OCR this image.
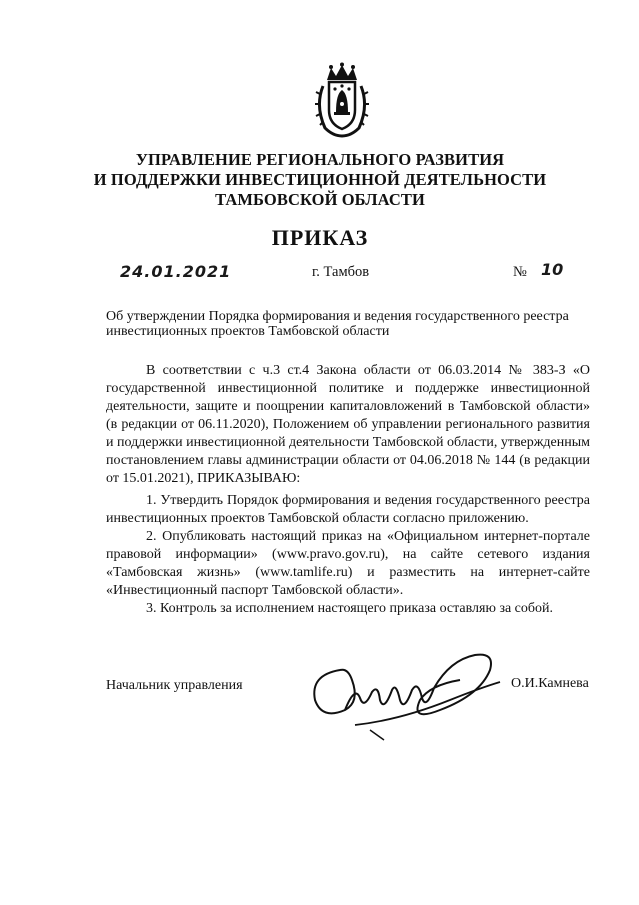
УПРАВЛЕНИЕ РЕГИОНАЛЬНОГО РАЗВИТИЯ
И ПОДДЕРЖКИ ИНВЕСТИЦИОННОЙ ДЕЯТЕЛЬНОСТИ
ТАМБОВСКОЙ ОБЛАСТИ
ПРИКАЗ
24.01.2021	г. Тамбов	№ 10
Об утверждении Порядка формирования и ведения государственного реестра
инвестиционных проектов Тамбовской области

В соответствии с ч.3 ст.4 Закона области от 06.03.2014 № 383-З «О государственной инвестиционной политике и поддержке инвестиционной деятельности, защите и поощрении капиталовложений в Тамбовской области» (в редакции от 06.11.2020), Положением об управлении регионального развития и поддержки инвестиционной деятельности Тамбовской области, утвержденным постановлением главы администрации области от 04.06.2018 № 144 (в редакции от 15.01.2021), ПРИКАЗЫВАЮ:

1. Утвердить Порядок формирования и ведения государственного реестра инвестиционных проектов Тамбовской области согласно приложению.

2. Опубликовать настоящий приказ на «Официальном интернет-портале правовой информации» (www.pravo.gov.ru), на сайте сетевого издания «Тамбовская жизнь» (www.tamlife.ru) и разместить на интернет-сайте «Инвестиционный паспорт Тамбовской области».

3. Контроль за исполнением настоящего приказа оставляю за собой.

Начальник управления	О.И.Камнева
